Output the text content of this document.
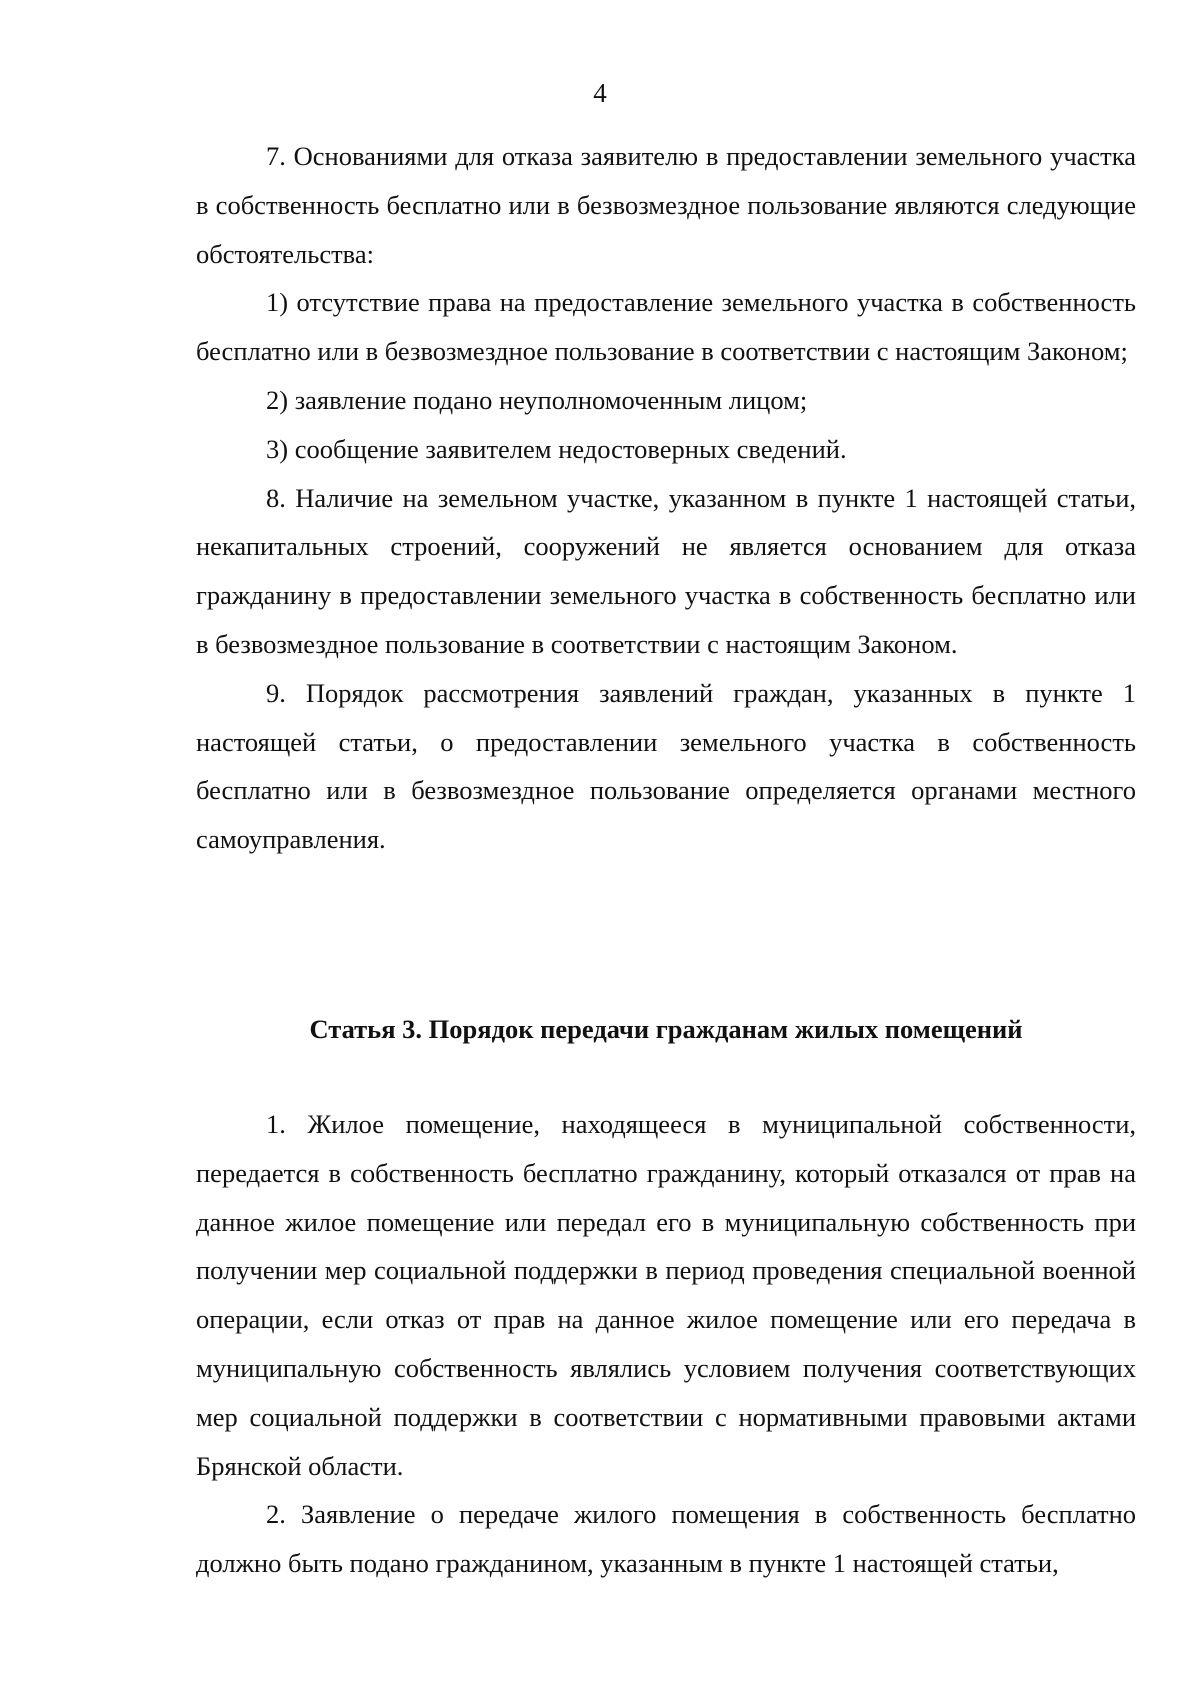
4

7. Основаниями для отказа заявителю в предоставлении земельного участка в собственность бесплатно или в безвозмездное пользование являются следующие обстоятельства:

1) отсутствие права на предоставление земельного участка в собственность бесплатно или в безвозмездное пользование в соответствии с настоящим Законом;

2) заявление подано неуполномоченным лицом;

3) сообщение заявителем недостоверных сведений.

8. Наличие на земельном участке, указанном в пункте 1 настоящей статьи, некапитальных строений, сооружений не является основанием для отказа гражданину в предоставлении земельного участка в собственность бесплатно или в безвозмездное пользование в соответствии с настоящим Законом.

9. Порядок рассмотрения заявлений граждан, указанных в пункте 1 настоящей статьи, о предоставлении земельного участка в собственность бесплатно или в безвозмездное пользование определяется органами местного самоуправления.

Статья 3. Порядок передачи гражданам жилых помещений

1. Жилое помещение, находящееся в муниципальной собственности, передается в собственность бесплатно гражданину, который отказался от прав на данное жилое помещение или передал его в муниципальную собственность при получении мер социальной поддержки в период проведения специальной военной операции, если отказ от прав на данное жилое помещение или его передача в муниципальную собственность являлись условием получения соответствующих мер социальной поддержки в соответствии с нормативными правовыми актами Брянской области.

2. Заявление о передаче жилого помещения в собственность бесплатно должно быть подано гражданином, указанным в пункте 1 настоящей статьи,
